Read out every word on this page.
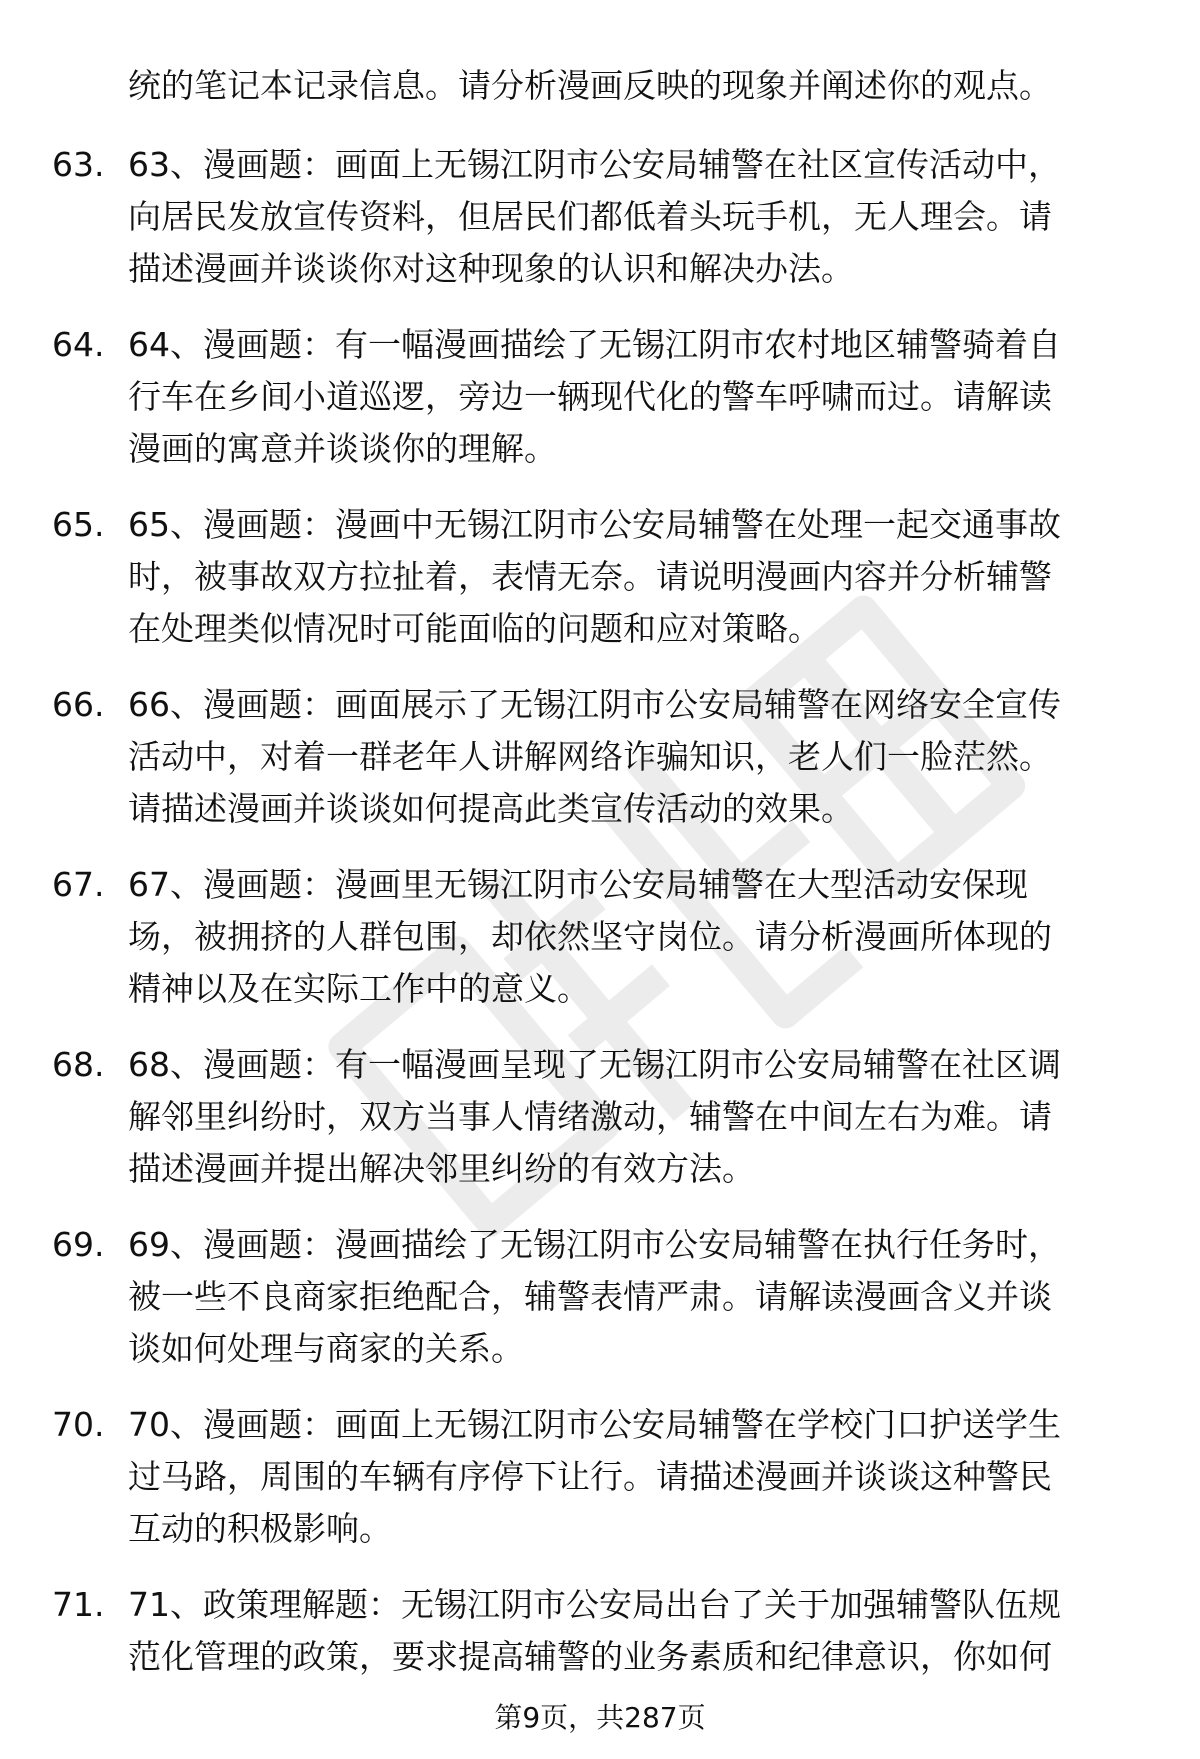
统的笔记本记录信息。请分析漫画反映的现象并阐述你的观点。

63. 63、漫画题：画面上无锡江阴市公安局辅警在社区宣传活动中，
向居民发放宣传资料，但居民们都低着头玩手机，无人理会。请
描述漫画并谈谈你对这种现象的认识和解决办法。
64. 64、漫画题：有一幅漫画描绘了无锡江阴市农村地区辅警骑着自
行车在乡间小道巡逻，旁边一辆现代化的警车呼啸而过。请解读
漫画的寓意并谈谈你的理解。
65. 65、漫画题：漫画中无锡江阴市公安局辅警在处理一起交通事故
时，被事故双方拉扯着，表情无奈。请说明漫画内容并分析辅警
在处理类似情况时可能面临的问题和应对策略。
66. 66、漫画题：画面展示了无锡江阴市公安局辅警在网络安全宣传
活动中，对着一群老年人讲解网络诈骗知识，老人们一脸茫然。
请描述漫画并谈谈如何提高此类宣传活动的效果。
67. 67、漫画题：漫画里无锡江阴市公安局辅警在大型活动安保现
场，被拥挤的人群包围，却依然坚守岗位。请分析漫画所体现的
精神以及在实际工作中的意义。
68. 68、漫画题：有一幅漫画呈现了无锡江阴市公安局辅警在社区调
解邻里纠纷时，双方当事人情绪激动，辅警在中间左右为难。请
描述漫画并提出解决邻里纠纷的有效方法。
69. 69、漫画题：漫画描绘了无锡江阴市公安局辅警在执行任务时，
被一些不良商家拒绝配合，辅警表情严肃。请解读漫画含义并谈
谈如何处理与商家的关系。
70. 70、漫画题：画面上无锡江阴市公安局辅警在学校门口护送学生
过马路，周围的车辆有序停下让行。请描述漫画并谈谈这种警民
互动的积极影响。
71. 71、政策理解题：无锡江阴市公安局出台了关于加强辅警队伍规
范化管理的政策，要求提高辅警的业务素质和纪律意识，你如何

第9页，共287页
